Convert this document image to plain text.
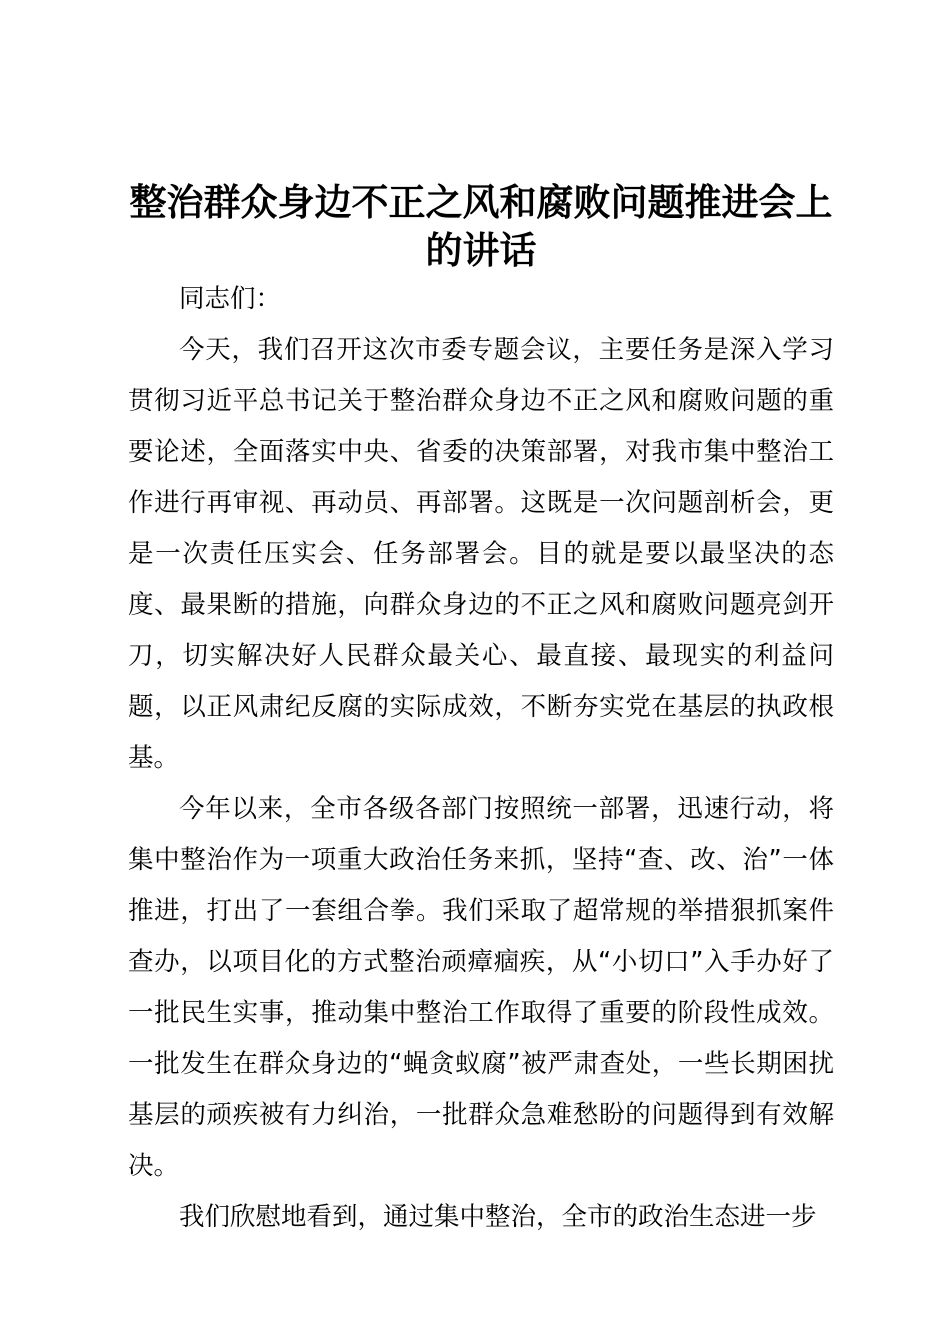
整治群众身边不正之风和腐败问题推进会上的讲话

同志们：

今天，我们召开这次市委专题会议，主要任务是深入学习贯彻习近平总书记关于整治群众身边不正之风和腐败问题的重要论述，全面落实中央、省委的决策部署，对我市集中整治工作进行再审视、再动员、再部署。这既是一次问题剖析会，更是一次责任压实会、任务部署会。目的就是要以最坚决的态度、最果断的措施，向群众身边的不正之风和腐败问题亮剑开刀，切实解决好人民群众最关心、最直接、最现实的利益问题，以正风肃纪反腐的实际成效，不断夯实党在基层的执政根基。

今年以来，全市各级各部门按照统一部署，迅速行动，将集中整治作为一项重大政治任务来抓，坚持“查、改、治”一体推进，打出了一套组合拳。我们采取了超常规的举措狠抓案件查办，以项目化的方式整治顽瘴痼疾，从“小切口”入手办好了一批民生实事，推动集中整治工作取得了重要的阶段性成效。一批发生在群众身边的“蝇贪蚁腐”被严肃查处，一些长期困扰基层的顽疾被有力纠治，一批群众急难愁盼的问题得到有效解决。

我们欣慰地看到，通过集中整治，全市的政治生态进一步
